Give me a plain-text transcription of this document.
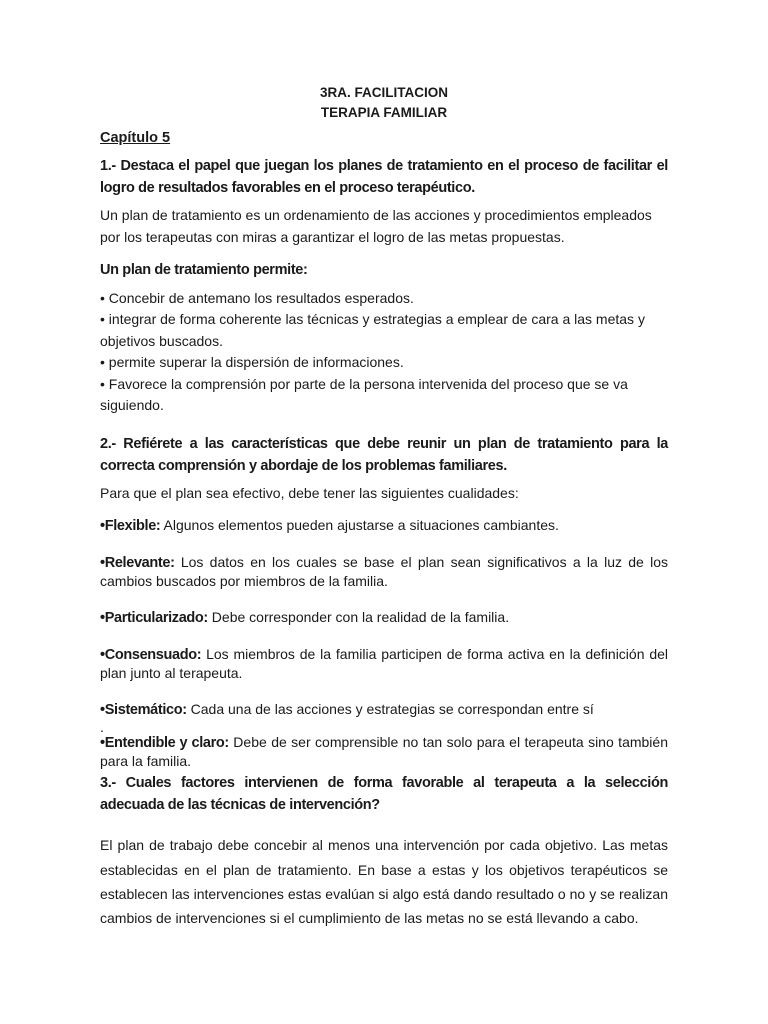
3RA. FACILITACION

TERAPIA FAMILIAR

Capítulo 5

1.- Destaca el papel que juegan los planes de tratamiento en el proceso de facilitar el logro de resultados favorables en el proceso terapéutico.

Un plan de tratamiento es un ordenamiento de las acciones y procedimientos empleados por los terapeutas con miras a garantizar el logro de las metas propuestas.

Un plan de tratamiento permite:

• Concebir de antemano los resultados esperados.
• integrar de forma coherente las técnicas y estrategias a emplear de cara a las metas y objetivos buscados.
• permite superar la dispersión de informaciones.
• Favorece la comprensión por parte de la persona intervenida del proceso que se va siguiendo.

2.- Refiérete a las características que debe reunir un plan de tratamiento para la correcta comprensión y abordaje de los problemas familiares.

Para que el plan sea efectivo, debe tener las siguientes cualidades:

•Flexible: Algunos elementos pueden ajustarse a situaciones cambiantes.

•Relevante: Los datos en los cuales se base el plan sean significativos a la luz de los cambios buscados por miembros de la familia.

•Particularizado: Debe corresponder con la realidad de la familia.

•Consensuado: Los miembros de la familia participen de forma activa en la definición del plan junto al terapeuta.

•Sistemático: Cada una de las acciones y estrategias se correspondan entre sí

.

•Entendible y claro: Debe de ser comprensible no tan solo para el terapeuta sino también para la familia.

3.- Cuales factores intervienen de forma favorable al terapeuta a la selección adecuada de las técnicas de intervención?

El plan de trabajo debe concebir al menos una intervención por cada objetivo. Las metas establecidas en el plan de tratamiento. En base a estas y los objetivos terapéuticos se establecen las intervenciones estas evalúan si algo está dando resultado o no y se realizan cambios de intervenciones si el cumplimiento de las metas no se está llevando a cabo.
